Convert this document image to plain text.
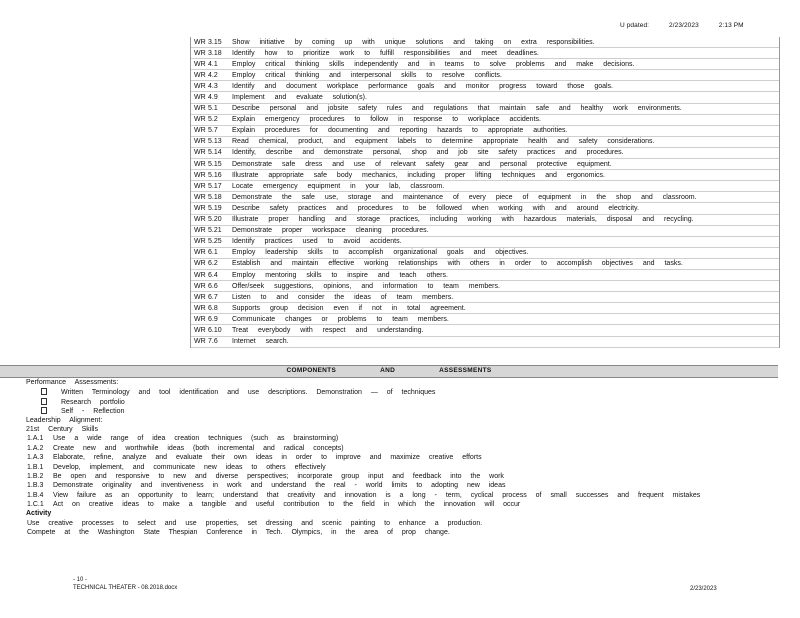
U pdated:	2/23/2023	2:13 PM
WR 3.15	Show initiative by coming up with unique solutions and taking on extra responsibilities.
WR 3.18	Identify how to prioritize work to fulfill responsibilities and meet deadlines.
WR 4.1	Employ critical thinking skills independently and in teams to solve problems and make decisions.
WR 4.2	Employ critical thinking and interpersonal skills to resolve conflicts.
WR 4.3	Identify and document workplace performance goals and monitor progress toward those goals.
WR 4.9	Implement and evaluate solution(s).
WR 5.1	Describe personal and jobsite safety rules and regulations that maintain safe and healthy work environments.
WR 5.2	Explain emergency procedures to follow in response to workplace accidents.
WR 5.7	Explain procedures for documenting and reporting hazards to appropriate authorities.
WR 5.13	Read chemical, product, and equipment labels to determine appropriate health and safety considerations.
WR 5.14	Identify, describe and demonstrate personal, shop and job site safety practices and procedures.
WR 5.15	Demonstrate safe dress and use of relevant safety gear and personal protective equipment.
WR 5.16	Illustrate appropriate safe body mechanics, including proper lifting techniques and ergonomics.
WR 5.17	Locate emergency equipment in your lab, classroom.
WR 5.18	Demonstrate the safe use, storage and maintenance of every piece of equipment in the shop and classroom.
WR 5.19	Describe safety practices and procedures to be followed when working with and around electricity.
WR 5.20	Illustrate proper handling and storage practices, including working with hazardous materials, disposal and recycling.
WR 5.21	Demonstrate proper workspace cleaning procedures.
WR 5.25	Identify practices used to avoid accidents.
WR 6.1	Employ leadership skills to accomplish organizational goals and objectives.
WR 6.2	Establish and maintain effective working relationships with others in order to accomplish objectives and tasks.
WR 6.4	Employ mentoring skills to inspire and teach others.
WR 6.6	Offer/seek suggestions, opinions, and information to team members.
WR 6.7	Listen to and consider the ideas of team members.
WR 6.8	Supports group decision even if not in total agreement.
WR 6.9	Communicate changes or problems to team members.
WR 6.10	Treat everybody with respect and understanding.
WR 7.6	Internet search.
COMPONENTS	AND	ASSESSMENTS
Performance Assessments:
Written Terminology and tool identification and use descriptions. Demonstration — of techniques
Research portfolio
Self - Reflection
Leadership Alignment:
21st Century Skills
1.A.1 Use a wide range of idea creation techniques (such as brainstorming)
1.A.2 Create new and worthwhile ideas (both incremental and radical concepts)
1.A.3 Elaborate, refine, analyze and evaluate their own ideas in order to improve and maximize creative efforts
1.B.1 Develop, implement, and communicate new ideas to others effectively
1.B.2 Be open and responsive to new and diverse perspectives; incorporate group input and feedback into the work
1.B.3 Demonstrate originality and inventiveness in work and understand the real - world limits to adopting new ideas
1.B.4 View failure as an opportunity to learn; understand that creativity and innovation is a long - term, cyclical process of small successes and frequent mistakes
1.C.1 Act on creative ideas to make a tangible and useful contribution to the field in which the innovation will occur
Activity
Use creative processes to select and use properties, set dressing and scenic painting to enhance a production.
Compete at the Washington State Thespian Conference in Tech. Olympics, in the area of prop change.
- 10 -
TECHNICAL THEATER - 08.2018.docx	2/23/2023
